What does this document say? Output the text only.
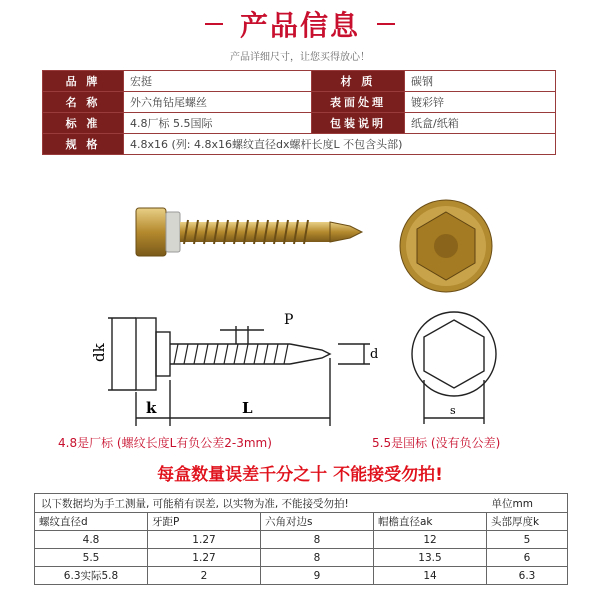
产品信息
产品详细尺寸，让您买得放心！
品 牌	宏挺	材 质	碳钢
名 称	外六角钻尾螺丝	表面处理	镀彩锌
标 准	4.8厂标 5.5国际	包装说明	纸盒/纸箱
规 格	4.8x16 (列: 4.8x16螺纹直径dx螺杆长度L 不包含头部)		
P
d
dk
k	L	s
4.8是厂标 (螺纹长度L有负公差2-3mm)	5.5是国标 (没有负公差)
每盒数量误差千分之十 不能接受勿拍!
以下数据均为手工测量, 可能稍有误差, 以实物为准, 不能接受勿拍! 单位mm				

螺纹直径d	牙距P	六角对边s	帽檐直径ak	头部厚度k
4.8	1.27	8	12	5
5.5	1.27	8	13.5	6
6.3实际5.8	2	9	14	6.3
